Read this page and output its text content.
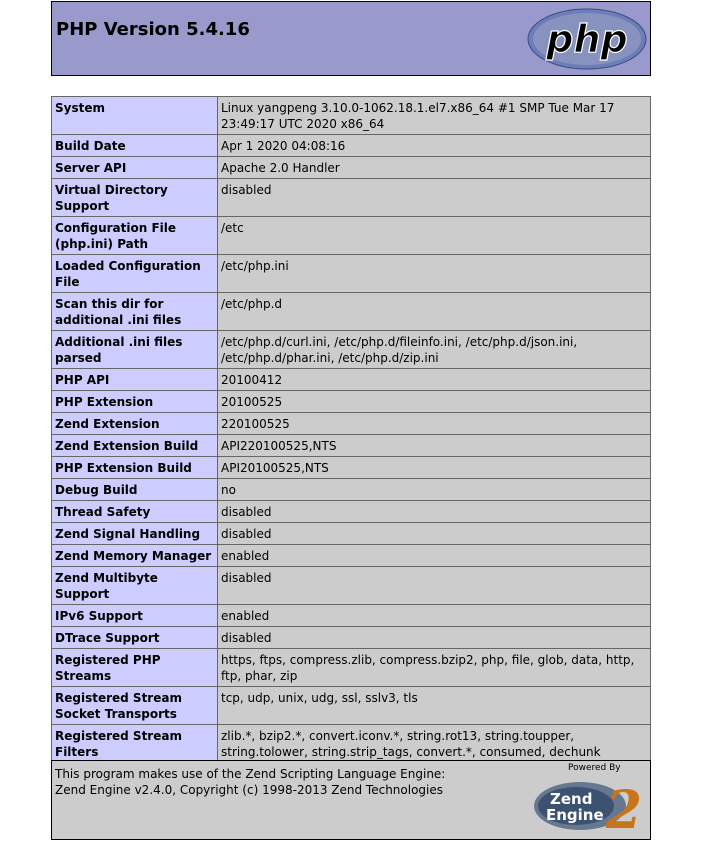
PHP Version 5.4.16	php
System	Linux yangpeng 3.10.0-1062.18.1.el7.x86_64 #1 SMP Tue Mar 17 23:49:17 UTC 2020 x86_64
Build Date	Apr 1 2020 04:08:16
Server API	Apache 2.0 Handler
Virtual Directory Support	disabled
Configuration File (php.ini) Path	/etc
Loaded Configuration File	/etc/php.ini
Scan this dir for additional .ini files	/etc/php.d
Additional .ini files parsed	/etc/php.d/curl.ini, /etc/php.d/fileinfo.ini, /etc/php.d/json.ini, /etc/php.d/phar.ini, /etc/php.d/zip.ini
PHP API	20100412
PHP Extension	20100525
Zend Extension	220100525
Zend Extension Build	API220100525,NTS
PHP Extension Build	API20100525,NTS
Debug Build	no
Thread Safety	disabled
Zend Signal Handling	disabled
Zend Memory Manager	enabled
Zend Multibyte Support	disabled
IPv6 Support	enabled
DTrace Support	disabled
Registered PHP Streams	https, ftps, compress.zlib, compress.bzip2, php, file, glob, data, http, ftp, phar, zip
Registered Stream Socket Transports	tcp, udp, unix, udg, ssl, sslv3, tls
Registered Stream Filters	zlib.*, bzip2.*, convert.iconv.*, string.rot13, string.toupper, string.tolower, string.strip_tags, convert.*, consumed, dechunk
This program makes use of the Zend Scripting Language Engine:
Zend Engine v2.4.0, Copyright (c) 1998-2013 Zend Technologies
Powered By
2
Zend
Engine
